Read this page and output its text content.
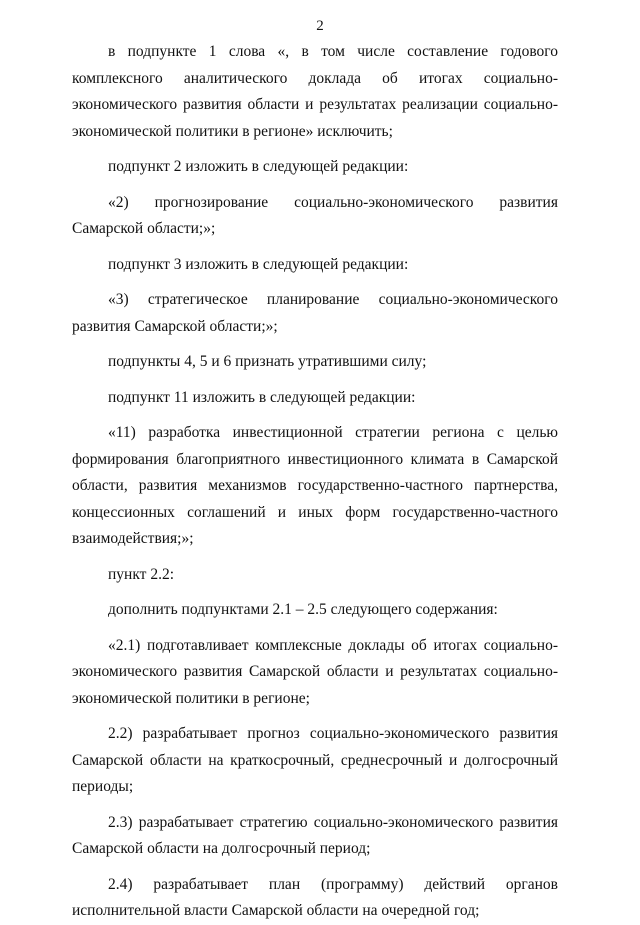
2

в подпункте 1 слова «, в том числе составление годового комплексного аналитического доклада об итогах социально-экономического развития области и результатах реализации социально-экономической политики в регионе» исключить;

подпункт 2 изложить в следующей редакции:

«2) прогнозирование социально-экономического развития Самарской области;»;

подпункт 3 изложить в следующей редакции:

«3) стратегическое планирование социально-экономического развития Самарской области;»;

подпункты 4, 5 и 6 признать утратившими силу;

подпункт 11 изложить в следующей редакции:

«11) разработка инвестиционной стратегии региона с целью формирования благоприятного инвестиционного климата в Самарской области, развития механизмов государственно-частного партнерства, концессионных соглашений и иных форм государственно-частного взаимодействия;»;

пункт 2.2:

дополнить подпунктами 2.1 – 2.5 следующего содержания:

«2.1) подготавливает комплексные доклады об итогах социально-экономического развития Самарской области и результатах социально-экономической политики в регионе;

2.2) разрабатывает прогноз социально-экономического развития Самарской области на краткосрочный, среднесрочный и долгосрочный периоды;

2.3) разрабатывает стратегию социально-экономического развития Самарской области на долгосрочный период;

2.4) разрабатывает план (программу) действий органов исполнительной власти Самарской области на очередной год;
